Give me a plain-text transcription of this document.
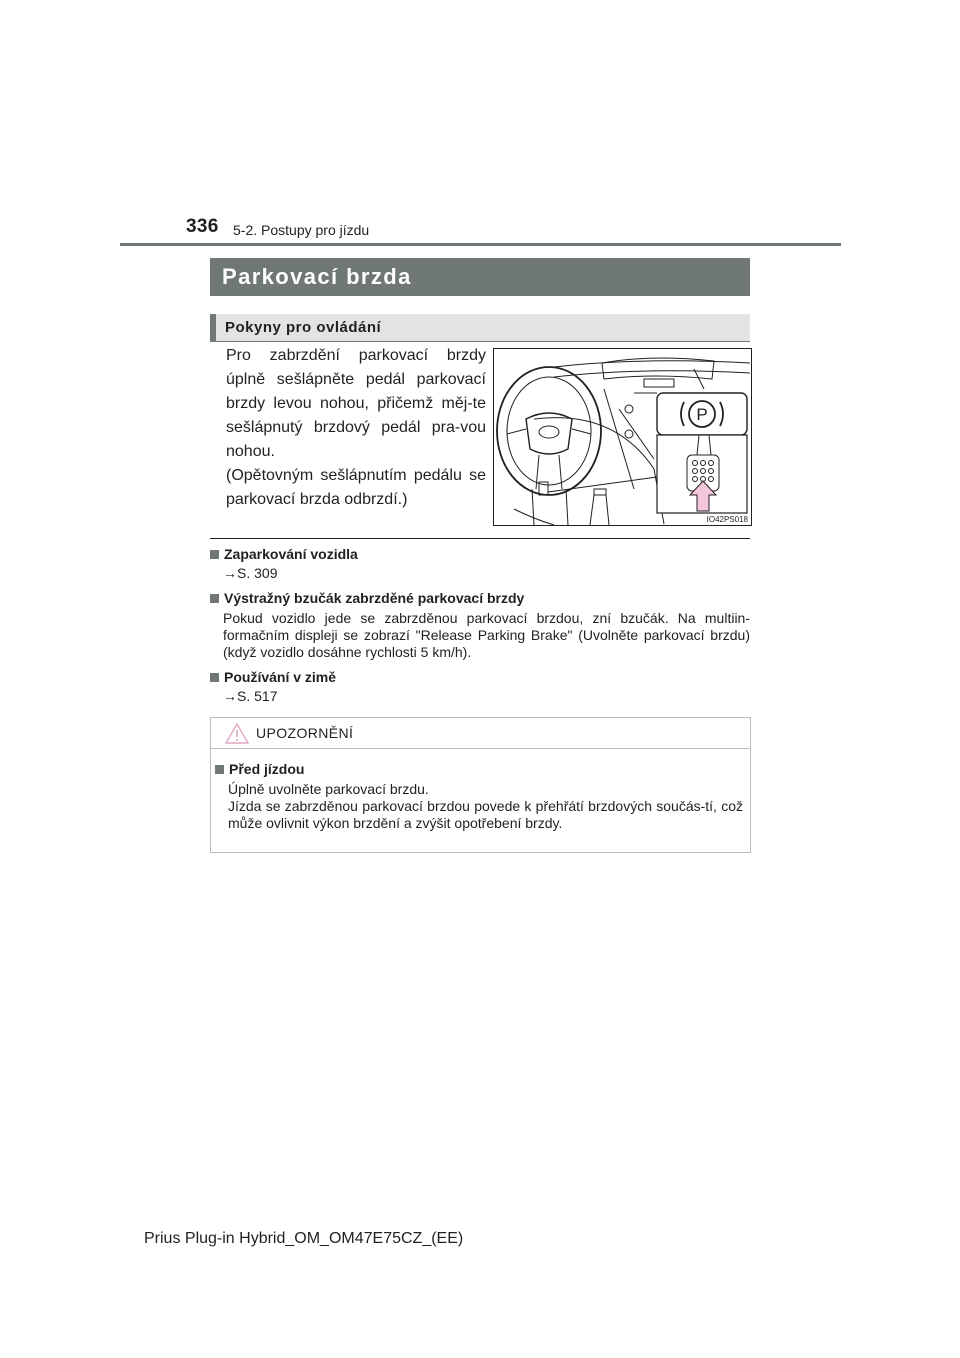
336 5-2. Postupy pro jízdu
Parkovací brzda
Pokyny pro ovládání

Pro zabrzdění parkovací brzdy úplně sešlápněte pedál parkovací brzdy levou nohou, přičemž měj-te sešlápnutý brzdový pedál pra-vou nohou.

(Opětovným sešlápnutím pedálu se parkovací brzda odbrzdí.)

P
IO42PS018
Zaparkování vozidla
→S. 309
Výstražný bzučák zabrzděné parkovací brzdy
Pokud vozidlo jede se zabrzděnou parkovací brzdou, zní bzučák. Na multiin-formačním displeji se zobrazí "Release Parking Brake" (Uvolněte parkovací brzdu) (když vozidlo dosáhne rychlosti 5 km/h).
Používání v zimě
→S. 517
UPOZORNĚNÍ
Před jízdou
Úplně uvolněte parkovací brzdu.
Jízda se zabrzděnou parkovací brzdou povede k přehřátí brzdových součás-tí, což může ovlivnit výkon brzdění a zvýšit opotřebení brzdy.
Prius Plug-in Hybrid_OM_OM47E75CZ_(EE)
